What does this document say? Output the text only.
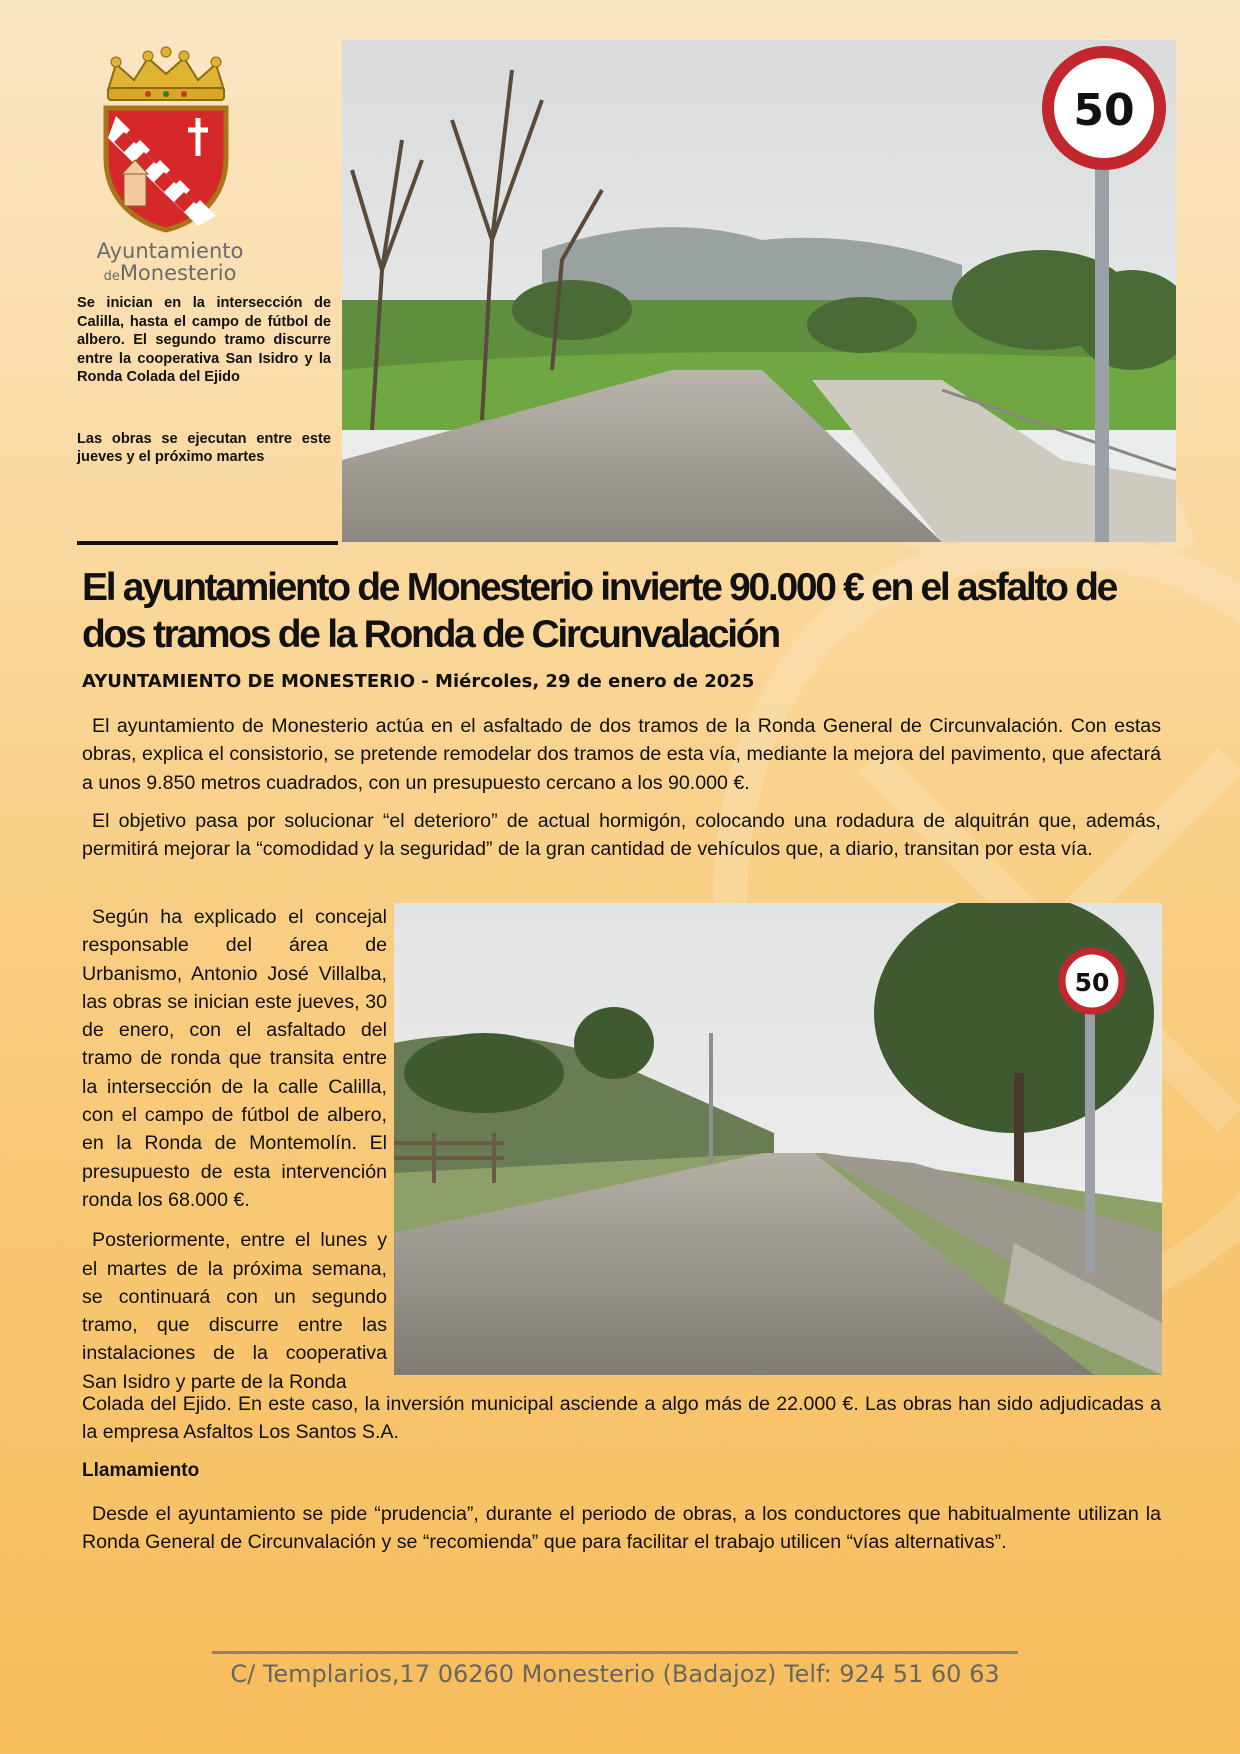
Ayuntamiento
deMonesterio

Se inician en la intersección de Calilla, hasta el campo de fútbol de albero. El segundo tramo discurre entre la cooperativa San Isidro y la Ronda Colada del Ejido

Las obras se ejecutan entre este jueves y el próximo martes

50
El ayuntamiento de Monesterio invierte 90.000 € en el asfalto de dos tramos de la Ronda de Circunvalación

AYUNTAMIENTO DE MONESTERIO - Miércoles, 29 de enero de 2025

El ayuntamiento de Monesterio actúa en el asfaltado de dos tramos de la Ronda General de Circunvalación. Con estas obras, explica el consistorio, se pretende remodelar dos tramos de esta vía, mediante la mejora del pavimento, que afectará a unos 9.850 metros cuadrados, con un presupuesto cercano a los 90.000 €.

El objetivo pasa por solucionar “el deterioro” de actual hormigón, colocando una rodadura de alquitrán que, además, permitirá mejorar la “comodidad y la seguridad” de la gran cantidad de vehículos que, a diario, transitan por esta vía.

Según ha explicado el concejal responsable del área de Urbanismo, Antonio José Villalba, las obras se inician este jueves, 30 de enero, con el asfaltado del tramo de ronda que transita entre la intersección de la calle Calilla, con el campo de fútbol de albero, en la Ronda de Montemolín. El presupuesto de esta intervención ronda los 68.000 €.

Posteriormente, entre el lunes y el martes de la próxima semana, se continuará con un segundo tramo, que discurre entre las instalaciones de la cooperativa San Isidro y parte de la Ronda

50

Colada del Ejido. En este caso, la inversión municipal asciende a algo más de 22.000 €. Las obras han sido adjudicadas a la empresa Asfaltos Los Santos S.A.

Llamamiento

Desde el ayuntamiento se pide “prudencia”, durante el periodo de obras, a los conductores que habitualmente utilizan la Ronda General de Circunvalación y se “recomienda” que para facilitar el trabajo utilicen “vías alternativas”.

C/ Templarios,17 06260 Monesterio (Badajoz) Telf: 924 51 60 63
